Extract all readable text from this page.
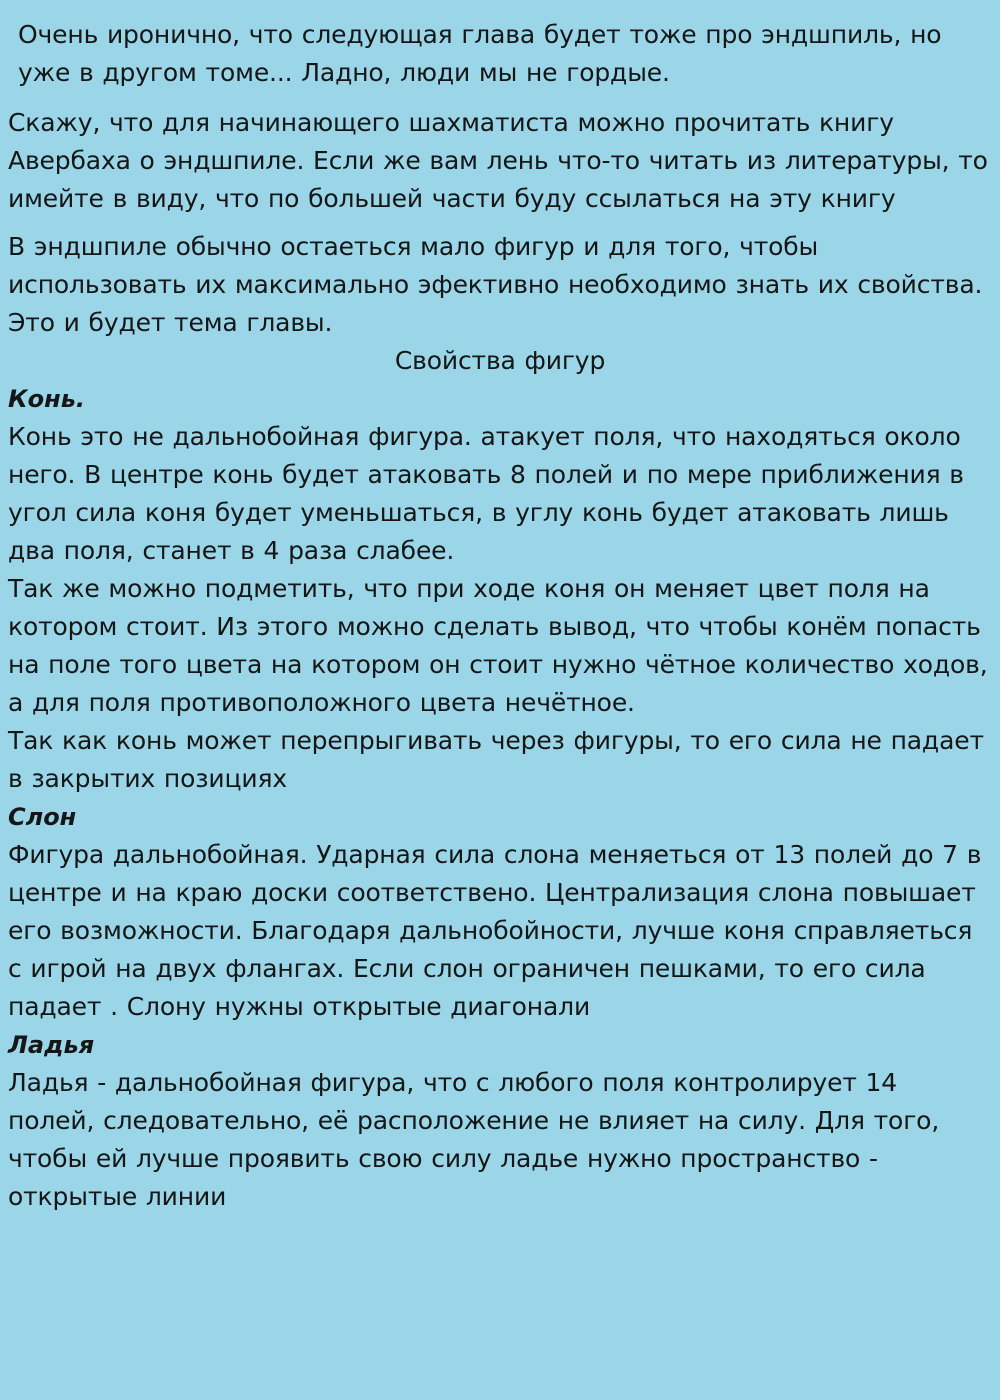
Очень иронично, что следующая глава будет тоже про эндшпиль, но уже в другом томе... Ладно, люди мы не гордые.

Скажу, что для начинающего шахматиста можно прочитать книгу Авербаха о эндшпиле. Если же вам лень что-то читать из литературы, то имейте в виду, что по большей части буду ссылаться на эту книгу

В эндшпиле обычно остаеться мало фигур и для того, чтобы использовать их максимально эфективно необходимо знать их свойства. Это и будет тема главы.

Свойства фигур

Конь.

Конь это не дальнобойная фигура. атакует поля, что находяться около него. В центре конь будет атаковать 8 полей и по мере приближения в угол сила коня будет уменьшаться, в углу конь будет атаковать лишь два поля, станет в 4 раза слабее.

Так же можно подметить, что при ходе коня он меняет цвет поля на котором стоит. Из этого можно сделать вывод, что чтобы конём попасть на поле того цвета на котором он стоит нужно чётное количество ходов, а для поля противоположного цвета нечётное.

Так как конь может перепрыгивать через фигуры, то его сила не падает в закрытих позициях

Слон

Фигура дальнобойная. Ударная сила слона меняеться от 13 полей до 7 в центре и на краю доски соответствено. Централизация слона повышает его возможности. Благодаря дальнобойности, лучше коня справляеться с игрой на двух флангах. Если слон ограничен пешками, то его сила падает . Слону нужны открытые диагонали

Ладья

Ладья - дальнобойная фигура, что с любого поля контролирует 14 полей, следовательно, её расположение не влияет на силу. Для того, чтобы ей лучше проявить свою силу ладье нужно пространство - открытые линии
